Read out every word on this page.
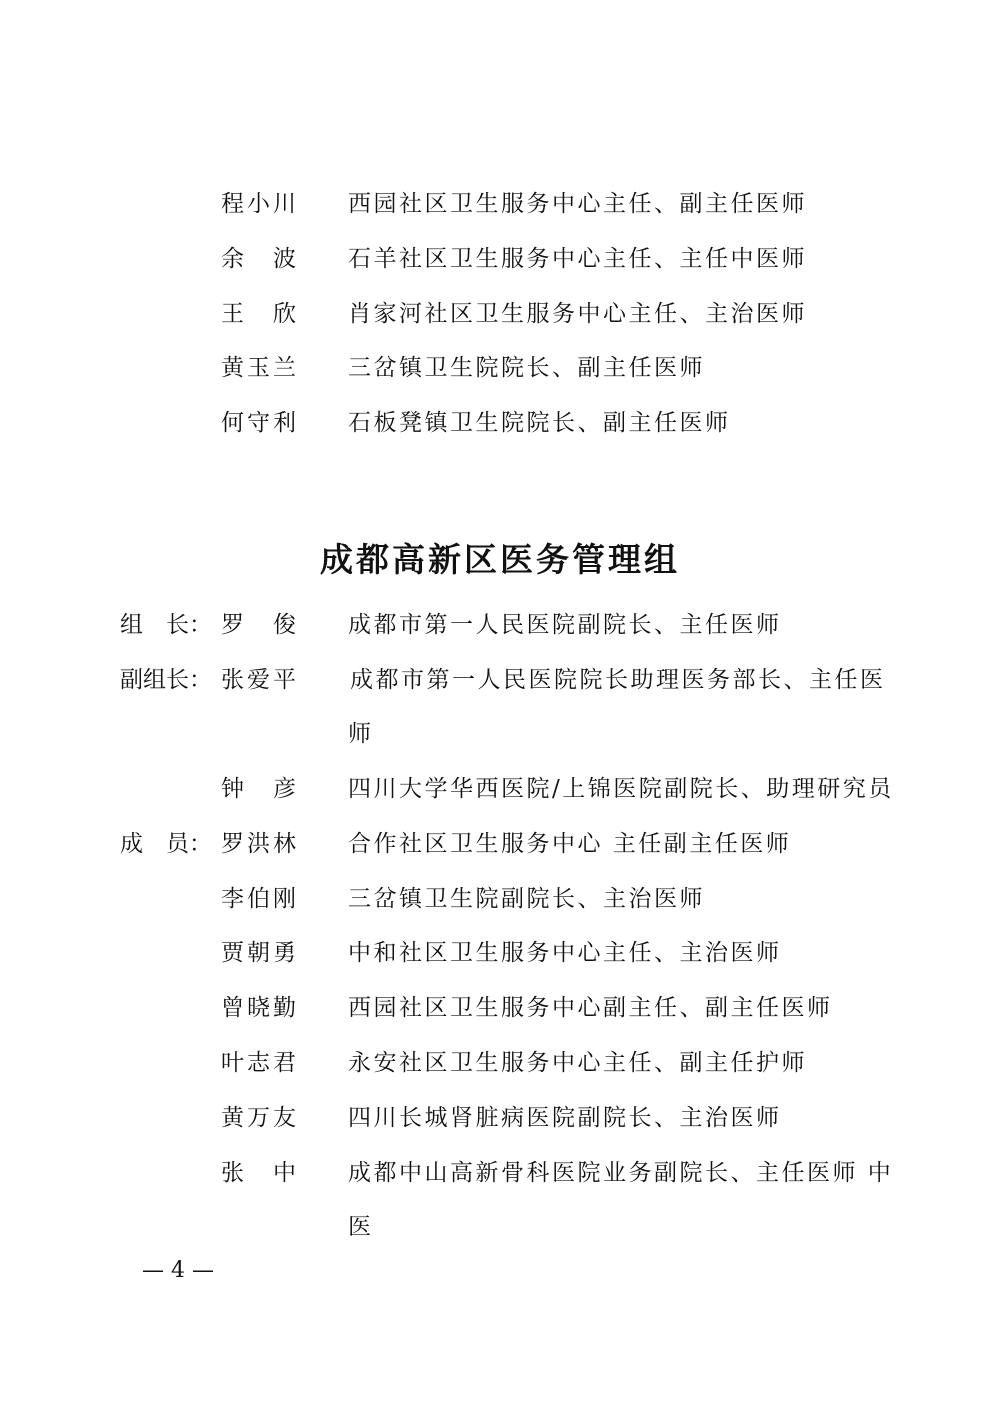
程小川 西园社区卫生服务中心主任、副主任医师
余　波 石羊社区卫生服务中心主任、主任中医师
王　欣 肖家河社区卫生服务中心主任、主治医师
黄玉兰 三岔镇卫生院院长、副主任医师
何守利 石板凳镇卫生院院长、副主任医师
成都高新区医务管理组
组　长： 罗　俊 成都市第一人民医院副院长、主任医师
副组长： 张爱平 成都市第一人民医院院长助理医务部长、主任医
师
钟　彦 四川大学华西医院/上锦医院副院长、助理研究员
成　员： 罗洪林 合作社区卫生服务中心 主任副主任医师
李伯刚 三岔镇卫生院副院长、主治医师
贾朝勇 中和社区卫生服务中心主任、主治医师
曾晓勤 西园社区卫生服务中心副主任、副主任医师
叶志君 永安社区卫生服务中心主任、副主任护师
黄万友 四川长城肾脏病医院副院长、主治医师
张　中 成都中山高新骨科医院业务副院长、主任医师 中
医
— 4 —
